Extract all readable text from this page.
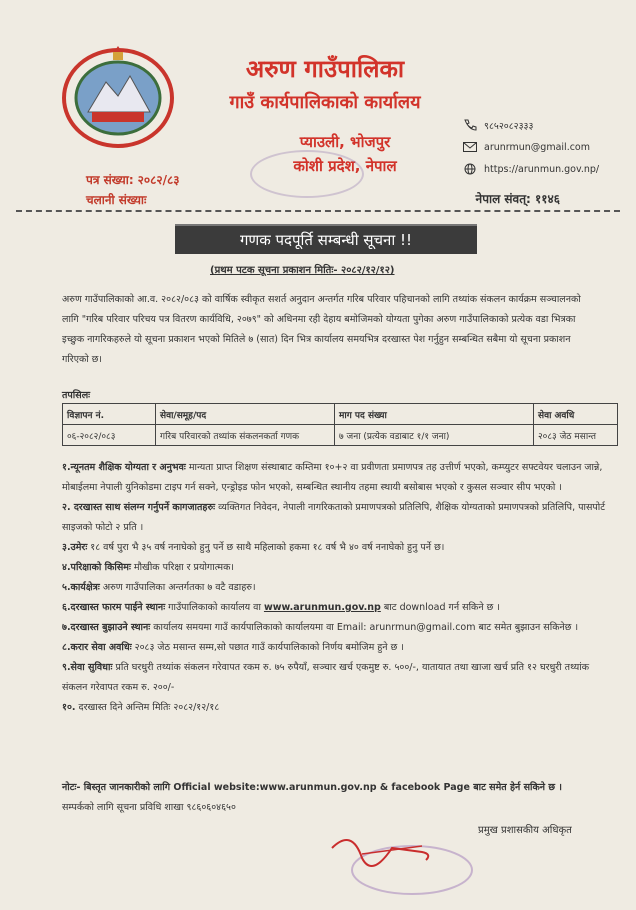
अरुण गाउँपालिका
गाउँ कार्यपालिकाको कार्यालय
प्याउली, भोजपुर
कोशी प्रदेश, नेपाल
९८५२०८२३३३
arunrmun@gmail.com
https://arunmun.gov.np/
पत्र संख्या: २०८२/८३
चलानी संख्याः	नेपाल संवत्: ११४६
गणक पदपूर्ति सम्बन्धी सूचना !!
(प्रथम पटक सूचना प्रकाशन मितिः- २०८२/१२/१२)
अरुण गाउँपालिकाको आ.व. २०८२/०८३ को वार्षिक स्वीकृत सशर्त अनुदान अन्तर्गत गरिब परिवार पहिचानको लागि तथ्यांक संकलन कार्यक्रम सञ्चालनको लागि "गरिब परिवार परिचय पत्र वितरण कार्यविधि, २०७९" को अधिनमा रही देहाय बमोजिमको योग्यता पुगेका अरुण गाउँपालिकाको प्रत्येक वडा भित्रका इच्छुक नागरिकहरुले यो सूचना प्रकाशन भएको मितिले ७ (सात) दिन भित्र कार्यालय समयभित्र दरखास्त पेश गर्नुहुन सम्बन्धित सबैमा यो सूचना प्रकाशन गरिएको छ।
तपसिलः
विज्ञापन नं.	सेवा/समूह/पद	माग पद संख्या	सेवा अवधि
०६-२०८२/०८३	गरिब परिवारको तथ्यांक संकलनकर्ता गणक	७ जना (प्रत्येक वडाबाट १/१ जना)	२०८३ जेठ मसान्त

१.न्यूनतम शैक्षिक योग्यता र अनुभवः मान्यता प्राप्त शिक्षण संस्थाबाट कम्तिमा १०+२ वा प्रवीणता प्रमाणपत्र तह उत्तीर्ण भएको, कम्प्युटर सफ्टवेयर चलाउन जान्ने, मोबाईलमा नेपाली युनिकोडमा टाइप गर्न सक्ने, एन्ड्रोइड फोन भएको, सम्बन्धित स्थानीय तहमा स्थायी बसोबास भएको र कुसल सञ्चार सीप भएको ।

२. दरखास्त साथ संलग्न गर्नुपर्ने कागजातहरुः व्यक्तिगत निवेदन, नेपाली नागरिकताको प्रमाणपत्रको प्रतिलिपि, शैक्षिक योग्यताको प्रमाणपत्रको प्रतिलिपि, पासपोर्ट साइजको फोटो २ प्रति ।

३.उमेरः १८ वर्ष पुरा भै ३५ वर्ष ननाघेको हुनु पर्ने छ साथै महिलाको हकमा १८ वर्ष भै ४० वर्ष ननाघेको हुनु पर्ने छ।

४.परिक्षाको किसिमः मौखीक परिक्षा र प्रयोगात्मक।

५.कार्यक्षेत्रः अरुण गाउँपालिका अन्तर्गतका ७ वटै वडाहरु।

६.दरखास्त फारम पाईने स्थानः गाउँपालिकाको कार्यालय वा www.arunmun.gov.np बाट download गर्न सकिने छ ।

७.दरखास्त बुझाउने स्थानः कार्यालय समयमा गाउँ कार्यपालिकाको कार्यालयमा वा Email: arunrmun@gmail.com बाट समेत बुझाउन सकिनेछ ।

८.करार सेवा अवधिः २०८३ जेठ मसान्त सम्म,सो पछात गाउँ कार्यपालिकाको निर्णय बमोजिम हुने छ ।

९.सेवा सुविधाः प्रति घरधुरी तथ्यांक संकलन गरेवापत रकम रु. ७५ रुपैयाँ, सञ्चार खर्च एकमुष्ट रु. ५००/-, यातायात तथा खाजा खर्च प्रति १२ घरधुरी तथ्यांक संकलन गरेवापत रकम रु. २००/-

१०. दरखास्त दिने अन्तिम मितिः २०८२/१२/१८

नोटः- बिस्तृत जानकारीको लागि Official website:www.arunmun.gov.np & facebook Page बाट समेत हेर्न सकिने छ ।
सम्पर्कको लागि सूचना प्रविधि शाखा ९८६०६०४६५०
प्रमुख प्रशासकीय अधिकृत
